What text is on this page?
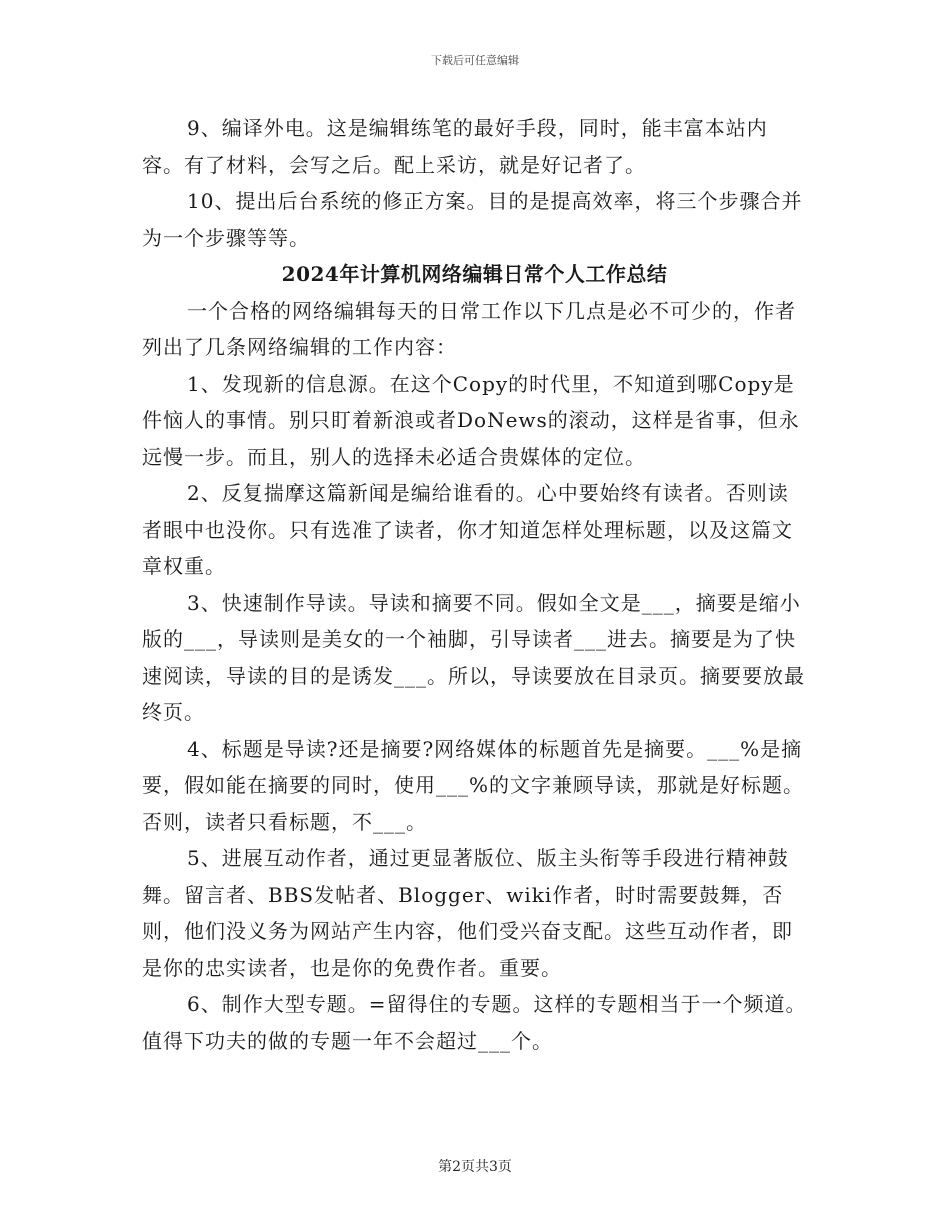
下载后可任意编辑

9、编译外电。这是编辑练笔的最好手段，同时，能丰富本站内容。有了材料，会写之后。配上采访，就是好记者了。

10、提出后台系统的修正方案。目的是提高效率，将三个步骤合并为一个步骤等等。

2024年计算机网络编辑日常个人工作总结

一个合格的网络编辑每天的日常工作以下几点是必不可少的，作者列出了几条网络编辑的工作内容：

1、发现新的信息源。在这个Copy的时代里，不知道到哪Copy是件恼人的事情。别只盯着新浪或者DoNews的滚动，这样是省事，但永远慢一步。而且，别人的选择未必适合贵媒体的定位。

2、反复揣摩这篇新闻是编给谁看的。心中要始终有读者。否则读者眼中也没你。只有选准了读者，你才知道怎样处理标题，以及这篇文章权重。

3、快速制作导读。导读和摘要不同。假如全文是___，摘要是缩小版的___，导读则是美女的一个袖脚，引导读者___进去。摘要是为了快速阅读，导读的目的是诱发___。所以，导读要放在目录页。摘要要放最终页。

4、标题是导读?还是摘要?网络媒体的标题首先是摘要。___%是摘要，假如能在摘要的同时，使用___%的文字兼顾导读，那就是好标题。否则，读者只看标题，不___。

5、进展互动作者，通过更显著版位、版主头衔等手段进行精神鼓舞。留言者、BBS发帖者、Blogger、wiki作者，时时需要鼓舞，否则，他们没义务为网站产生内容，他们受兴奋支配。这些互动作者，即是你的忠实读者，也是你的免费作者。重要。

6、制作大型专题。=留得住的专题。这样的专题相当于一个频道。值得下功夫的做的专题一年不会超过___个。

第2页共3页
